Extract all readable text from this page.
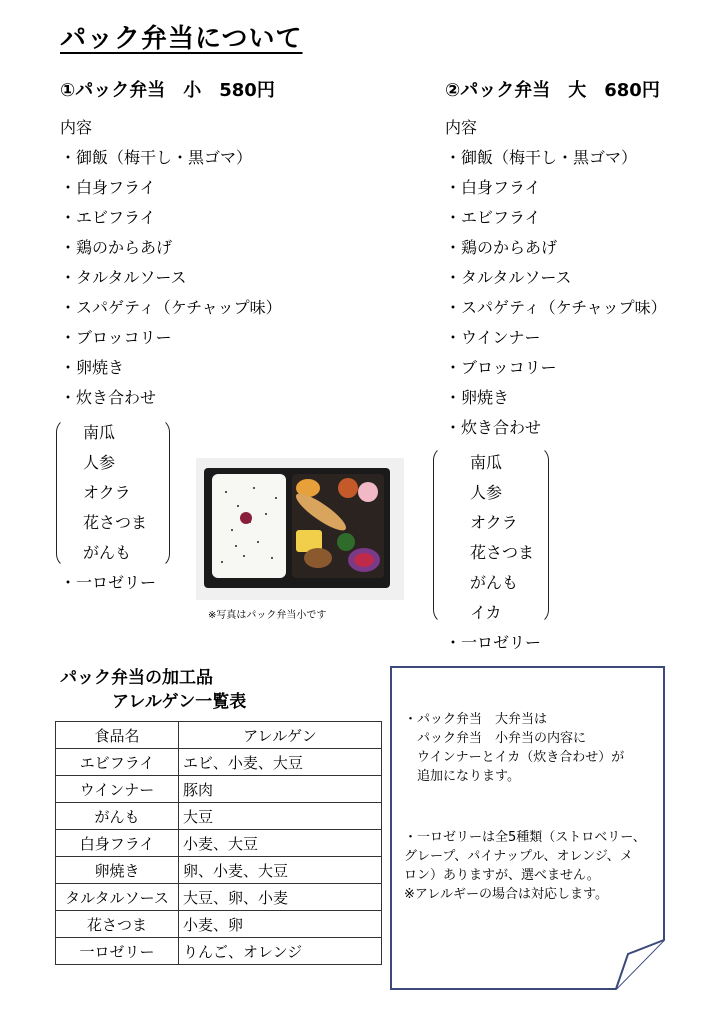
パック弁当について
①パック弁当　小　580円
内容
・御飯（梅干し・黒ゴマ）
・白身フライ
・エビフライ
・鶏のからあげ
・タルタルソース
・スパゲティ（ケチャップ味）
・ブロッコリー
・卵焼き
・炊き合わせ
南瓜
人参
オクラ
花さつま
がんも
・一ロゼリー
※写真はパック弁当小です
②パック弁当　大　680円
内容
・御飯（梅干し・黒ゴマ）
・白身フライ
・エビフライ
・鶏のからあげ
・タルタルソース
・スパゲティ（ケチャップ味）
・ウインナー
・ブロッコリー
・卵焼き
・炊き合わせ
南瓜
人参
オクラ
花さつま
がんも
イカ
・一ロゼリー
パック弁当の加工品
アレルゲン一覧表
食品名	アレルゲン
エビフライ	エビ、小麦、大豆
ウインナー	豚肉
がんも	大豆
白身フライ	小麦、大豆
卵焼き	卵、小麦、大豆
タルタルソース	大豆、卵、小麦
花さつま	小麦、卵
一ロゼリー	りんご、オレンジ
・パック弁当　大弁当は
　パック弁当　小弁当の内容に
　ウインナーとイカ（炊き合わせ）が
　追加になります。
・一ロゼリーは全5種類（ストロベリー、
グレープ、パイナップル、オレンジ、メ
ロン）ありますが、選べません。
※アレルギーの場合は対応します。
